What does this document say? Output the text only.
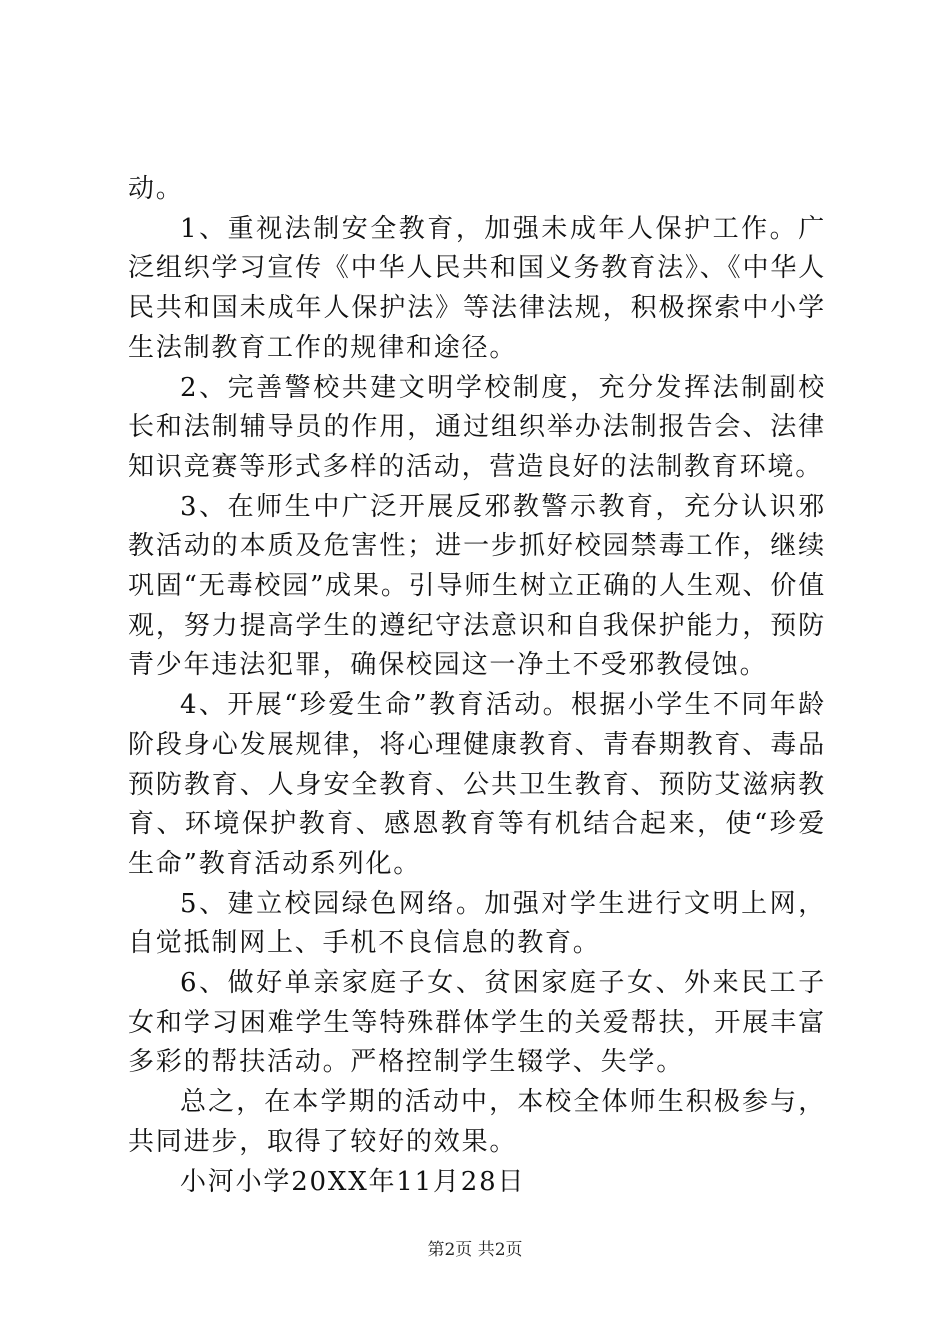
动。

1、重视法制安全教育，加强未成年人保护工作。广泛组织学习宣传《中华人民共和国义务教育法》、《中华人民共和国未成年人保护法》等法律法规，积极探索中小学生法制教育工作的规律和途径。

2、完善警校共建文明学校制度，充分发挥法制副校长和法制辅导员的作用，通过组织举办法制报告会、法律知识竞赛等形式多样的活动，营造良好的法制教育环境。

3、在师生中广泛开展反邪教警示教育，充分认识邪教活动的本质及危害性；进一步抓好校园禁毒工作，继续巩固“无毒校园”成果。引导师生树立正确的人生观、价值观，努力提高学生的遵纪守法意识和自我保护能力，预防青少年违法犯罪，确保校园这一净土不受邪教侵蚀。

4、开展“珍爱生命”教育活动。根据小学生不同年龄阶段身心发展规律，将心理健康教育、青春期教育、毒品预防教育、人身安全教育、公共卫生教育、预防艾滋病教育、环境保护教育、感恩教育等有机结合起来，使“珍爱生命”教育活动系列化。

5、建立校园绿色网络。加强对学生进行文明上网，自觉抵制网上、手机不良信息的教育。

6、做好单亲家庭子女、贫困家庭子女、外来民工子女和学习困难学生等特殊群体学生的关爱帮扶，开展丰富多彩的帮扶活动。严格控制学生辍学、失学。

总之，在本学期的活动中，本校全体师生积极参与，共同进步，取得了较好的效果。

小河小学20XX年11月28日

第2页 共2页
